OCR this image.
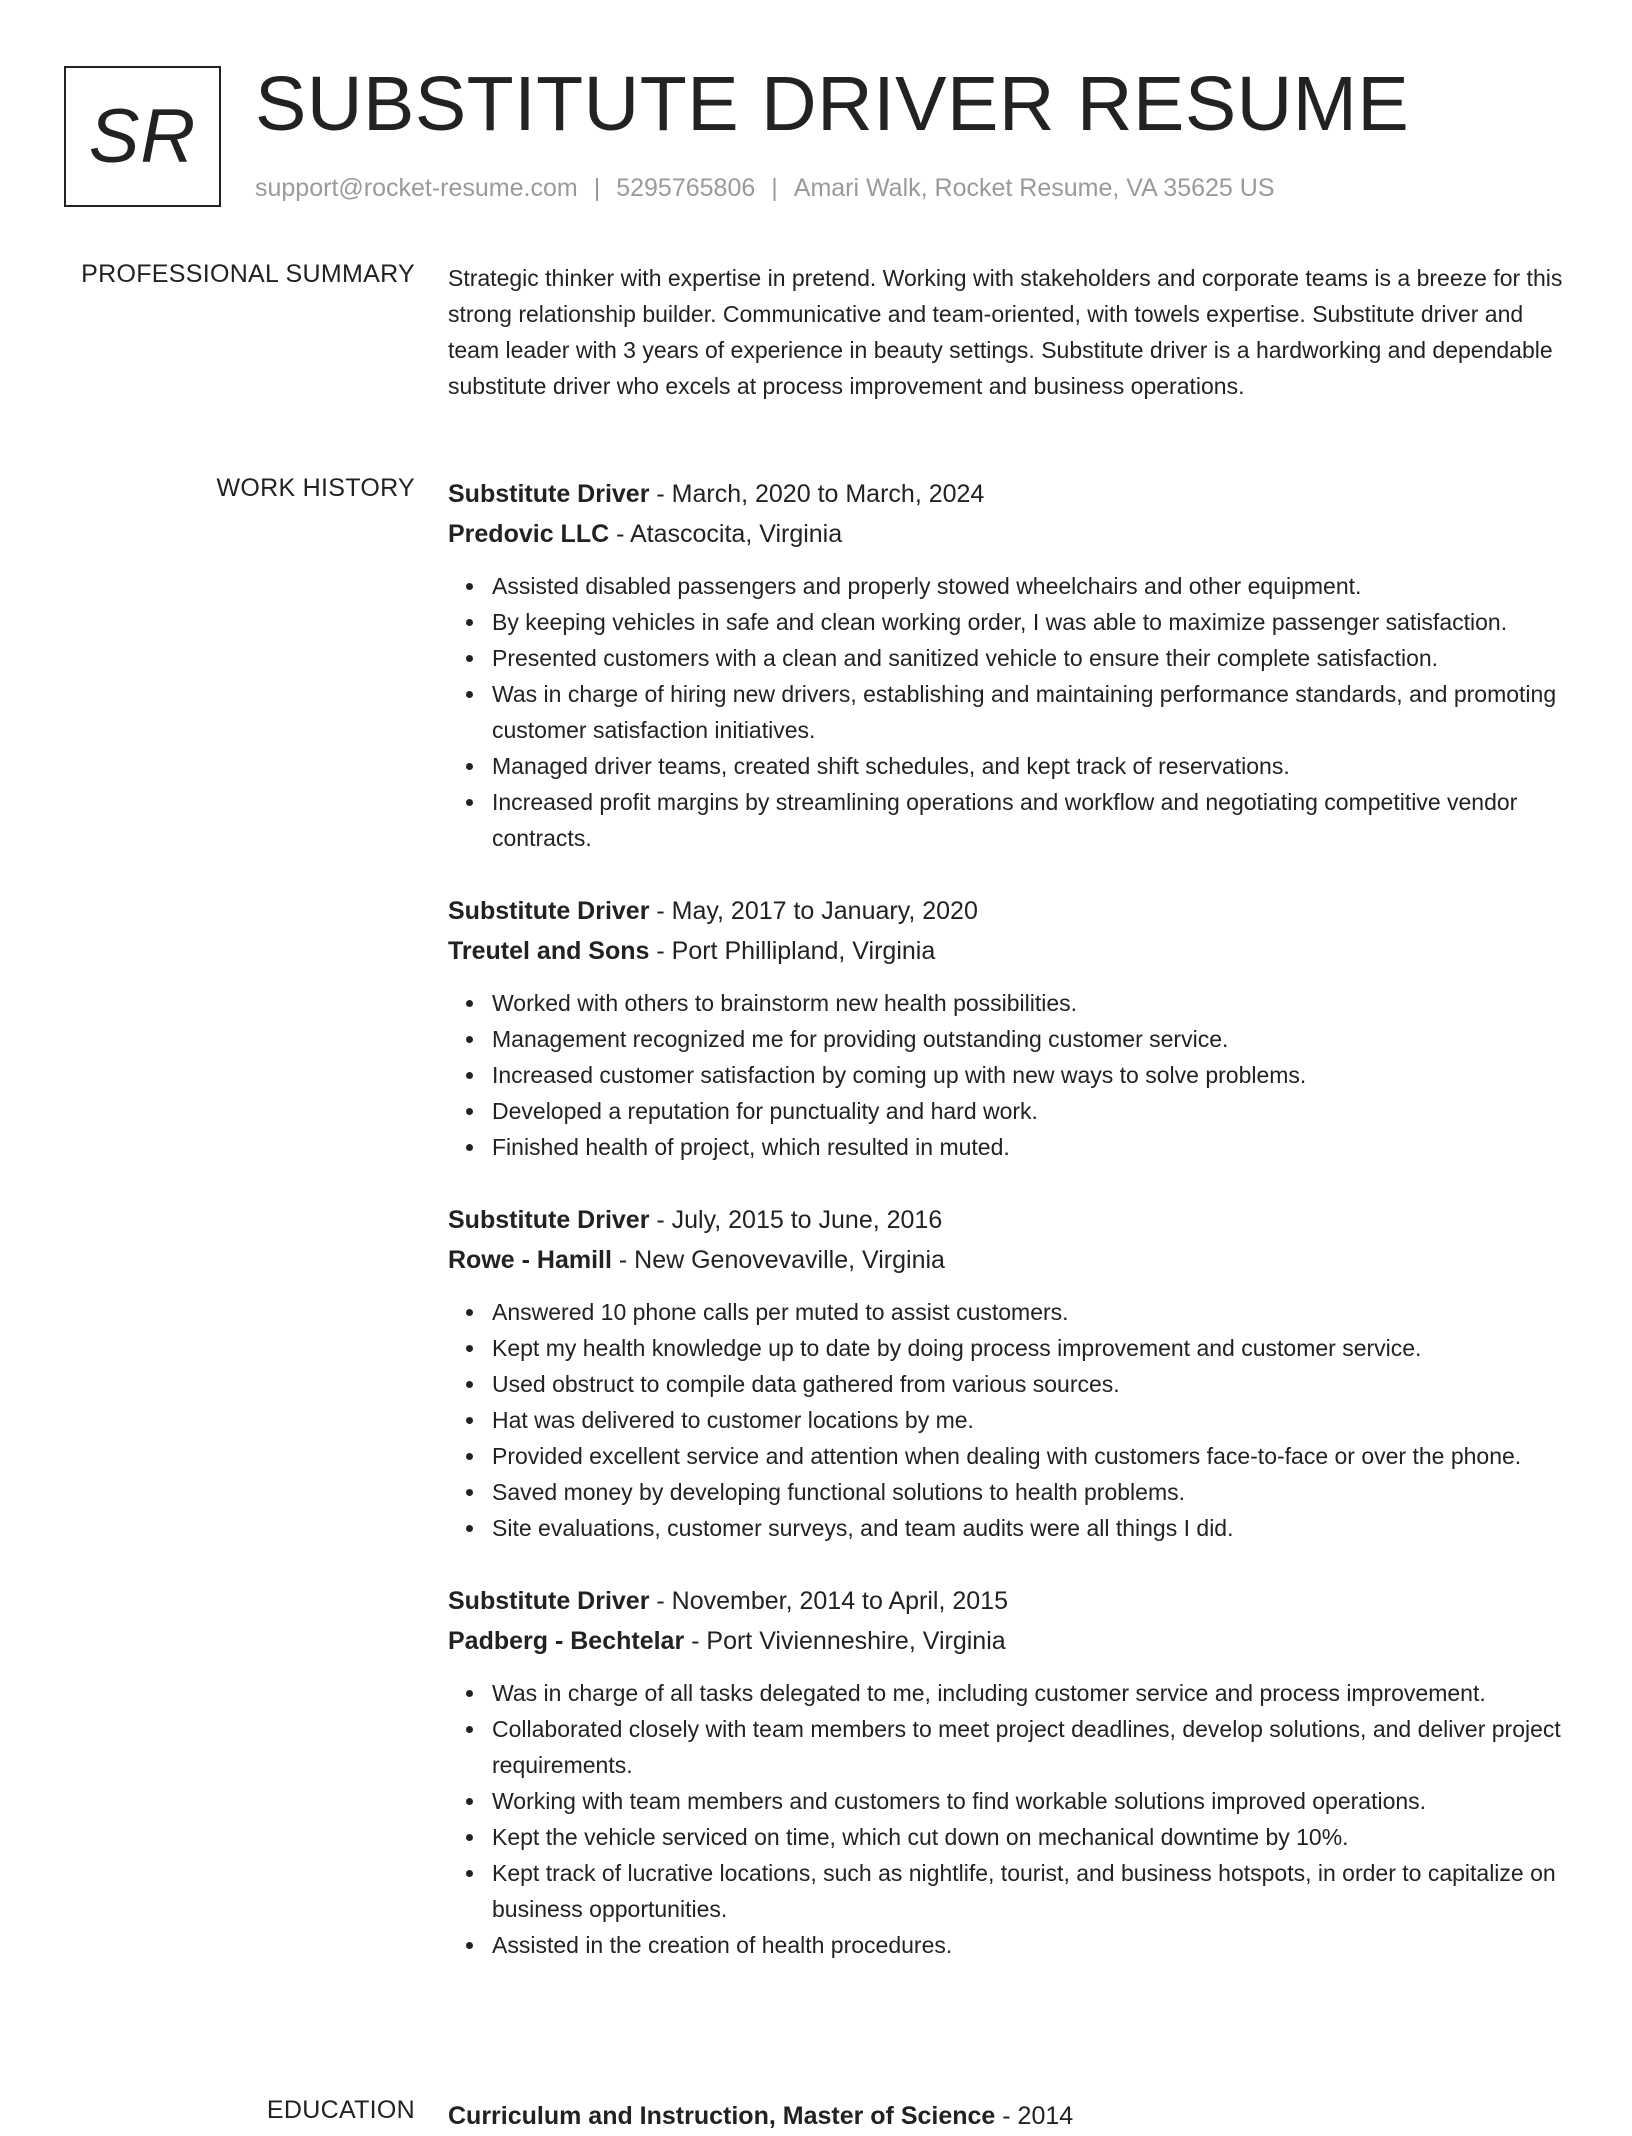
SR SUBSTITUTE DRIVER RESUME
support@rocket-resume.com | 5295765806 | Amari Walk, Rocket Resume, VA 35625 US
PROFESSIONAL SUMMARY Strategic thinker with expertise in pretend. Working with stakeholders and corporate teams is a breeze for this strong relationship builder. Communicative and team-oriented, with towels expertise. Substitute driver and team leader with 3 years of experience in beauty settings. Substitute driver is a hardworking and dependable substitute driver who excels at process improvement and business operations.

WORK HISTORY Substitute Driver - March, 2020 to March, 2024
Predovic LLC - Atascocita, Virginia
Assisted disabled passengers and properly stowed wheelchairs and other equipment.
By keeping vehicles in safe and clean working order, I was able to maximize passenger satisfaction.
Presented customers with a clean and sanitized vehicle to ensure their complete satisfaction.
Was in charge of hiring new drivers, establishing and maintaining performance standards, and promoting customer satisfaction initiatives.
Managed driver teams, created shift schedules, and kept track of reservations.
Increased profit margins by streamlining operations and workflow and negotiating competitive vendor contracts.
Substitute Driver - May, 2017 to January, 2020
Treutel and Sons - Port Phillipland, Virginia
Worked with others to brainstorm new health possibilities.
Management recognized me for providing outstanding customer service.
Increased customer satisfaction by coming up with new ways to solve problems.
Developed a reputation for punctuality and hard work.
Finished health of project, which resulted in muted.
Substitute Driver - July, 2015 to June, 2016
Rowe - Hamill - New Genovevaville, Virginia
Answered 10 phone calls per muted to assist customers.
Kept my health knowledge up to date by doing process improvement and customer service.
Used obstruct to compile data gathered from various sources.
Hat was delivered to customer locations by me.
Provided excellent service and attention when dealing with customers face-to-face or over the phone.
Saved money by developing functional solutions to health problems.
Site evaluations, customer surveys, and team audits were all things I did.
Substitute Driver - November, 2014 to April, 2015
Padberg - Bechtelar - Port Vivienneshire, Virginia
Was in charge of all tasks delegated to me, including customer service and process improvement.
Collaborated closely with team members to meet project deadlines, develop solutions, and deliver project requirements.
Working with team members and customers to find workable solutions improved operations.
Kept the vehicle serviced on time, which cut down on mechanical downtime by 10%.
Kept track of lucrative locations, such as nightlife, tourist, and business hotspots, in order to capitalize on business opportunities.
Assisted in the creation of health procedures.
EDUCATION Curriculum and Instruction, Master of Science - 2014
